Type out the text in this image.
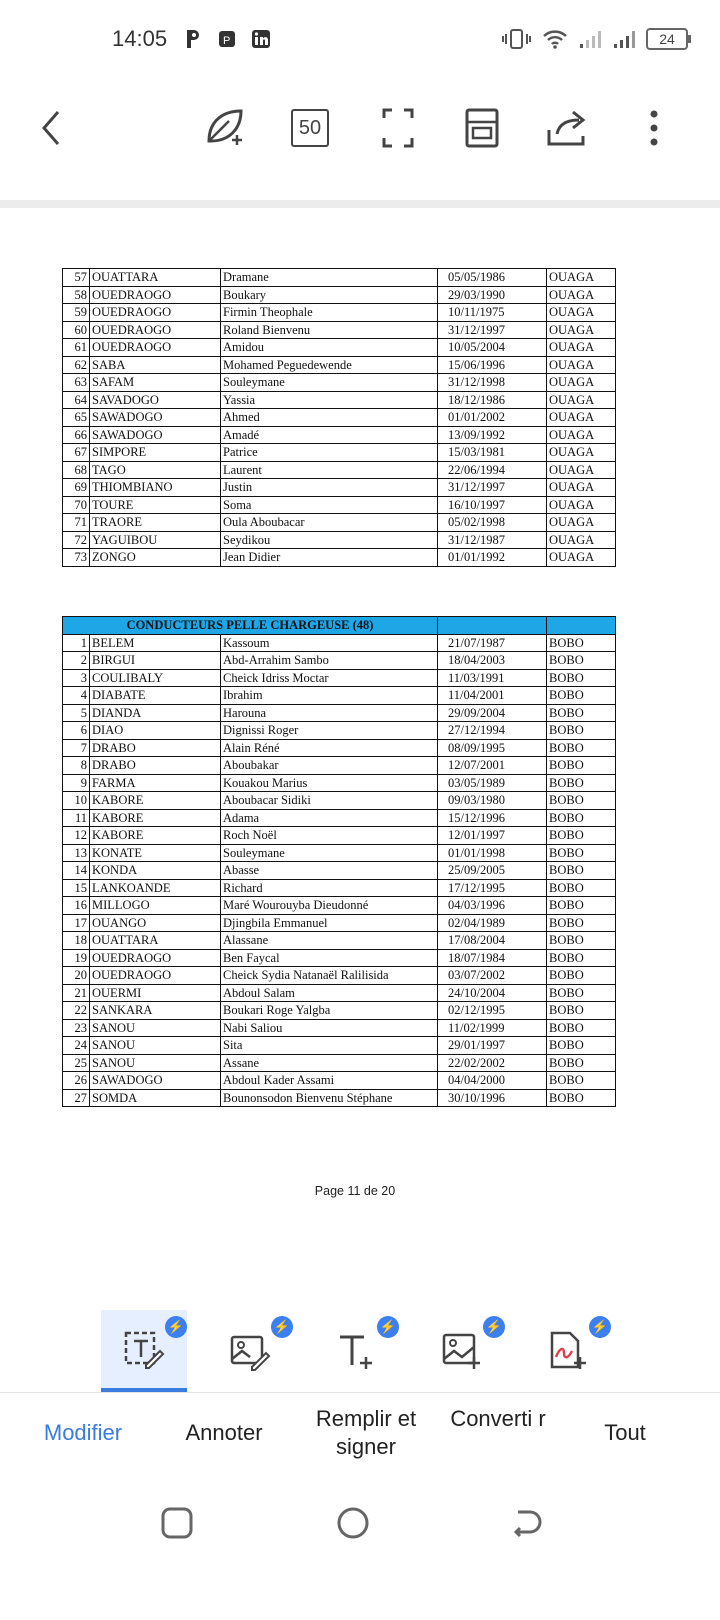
14:05	P	24
50
57	OUATTARA	Dramane	05/05/1986	OUAGA
58	OUEDRAOGO	Boukary	29/03/1990	OUAGA
59	OUEDRAOGO	Firmin Theophale	10/11/1975	OUAGA
60	OUEDRAOGO	Roland Bienvenu	31/12/1997	OUAGA
61	OUEDRAOGO	Amidou	10/05/2004	OUAGA
62	SABA	Mohamed Peguedewende	15/06/1996	OUAGA
63	SAFAM	Souleymane	31/12/1998	OUAGA
64	SAVADOGO	Yassia	18/12/1986	OUAGA
65	SAWADOGO	Ahmed	01/01/2002	OUAGA
66	SAWADOGO	Amadé	13/09/1992	OUAGA
67	SIMPORE	Patrice	15/03/1981	OUAGA
68	TAGO	Laurent	22/06/1994	OUAGA
69	THIOMBIANO	Justin	31/12/1997	OUAGA
70	TOURE	Soma	16/10/1997	OUAGA
71	TRAORE	Oula Aboubacar	05/02/1998	OUAGA
72	YAGUIBOU	Seydikou	31/12/1987	OUAGA
73	ZONGO	Jean Didier	01/01/1992	OUAGA
CONDUCTEURS PELLE CHARGEUSE (48)				
1	BELEM	Kassoum	21/07/1987	BOBO
2	BIRGUI	Abd-Arrahim Sambo	18/04/2003	BOBO
3	COULIBALY	Cheick Idriss Moctar	11/03/1991	BOBO
4	DIABATE	Ibrahim	11/04/2001	BOBO
5	DIANDA	Harouna	29/09/2004	BOBO
6	DIAO	Dignissi Roger	27/12/1994	BOBO
7	DRABO	Alain Réné	08/09/1995	BOBO
8	DRABO	Aboubakar	12/07/2001	BOBO
9	FARMA	Kouakou Marius	03/05/1989	BOBO
10	KABORE	Aboubacar Sidiki	09/03/1980	BOBO
11	KABORE	Adama	15/12/1996	BOBO
12	KABORE	Roch Noël	12/01/1997	BOBO
13	KONATE	Souleymane	01/01/1998	BOBO
14	KONDA	Abasse	25/09/2005	BOBO
15	LANKOANDE	Richard	17/12/1995	BOBO
16	MILLOGO	Maré Wourouyba Dieudonné	04/03/1996	BOBO
17	OUANGO	Djingbila Emmanuel	02/04/1989	BOBO
18	OUATTARA	Alassane	17/08/2004	BOBO
19	OUEDRAOGO	Ben Faycal	18/07/1984	BOBO
20	OUEDRAOGO	Cheick Sydia Natanaël Ralilisida	03/07/2002	BOBO
21	OUERMI	Abdoul Salam	24/10/2004	BOBO
22	SANKARA	Boukari Roge Yalgba	02/12/1995	BOBO
23	SANOU	Nabi Saliou	11/02/1999	BOBO
24	SANOU	Sita	29/01/1997	BOBO
25	SANOU	Assane	22/02/2002	BOBO
26	SAWADOGO	Abdoul Kader Assami	04/04/2000	BOBO
27	SOMDA	Bounonsodon Bienvenu Stéphane	30/10/1996	BOBO
Page 11 de 20

⚡	⚡	⚡	⚡	⚡
Modifier	Annoter
Remplir et signer
Converti r
Tout
